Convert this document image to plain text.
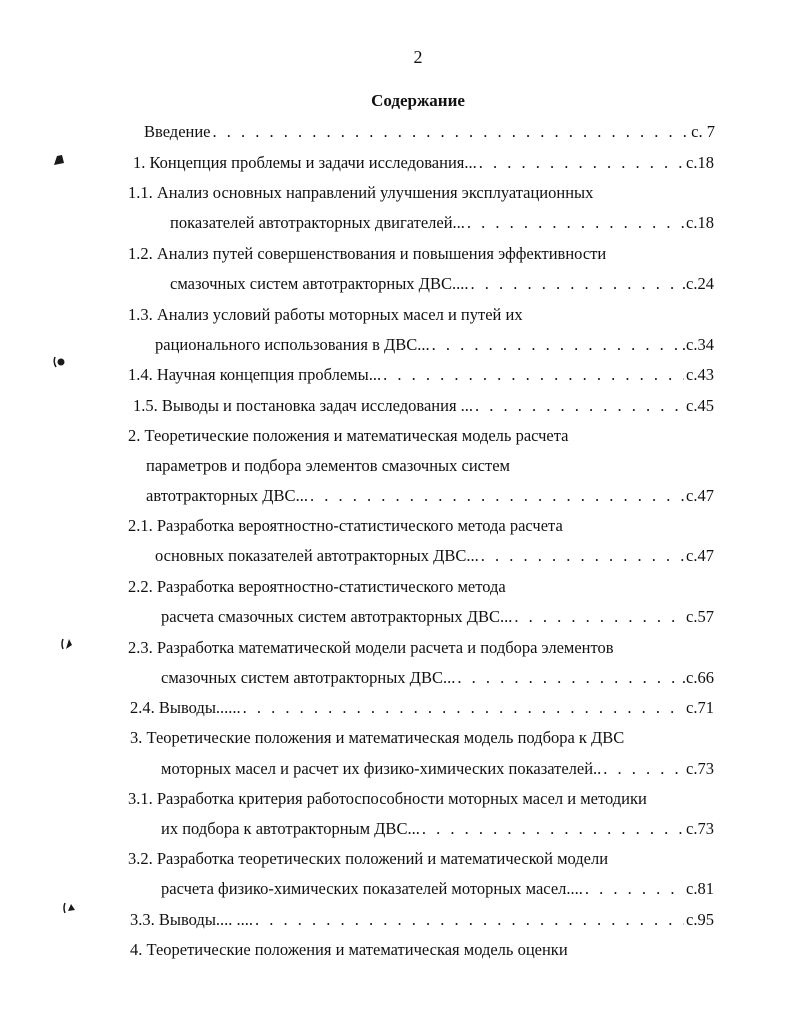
2
Содержание
Введение . . .	с. 7
1. Концепция проблемы и задачи исследования... . . .	с.18
1.1. Анализ основных направлений улучшения эксплуатационных
показателей автотракторных двигателей... . . .	с.18
1.2. Анализ путей совершенствования и повышения эффективности
смазочных систем автотракторных ДВС.... . . .	.с.24
1.3. Анализ условий работы моторных масел и путей их
рационального использования в ДВС... . . .	.с.34
1.4. Научная концепция проблемы... . . .	с.43
1.5. Выводы и постановка задач исследования ... . . .	с.45
2. Теоретические положения и математическая модель расчета
параметров и подбора элементов смазочных систем
автотракторных ДВС... . . .	с.47
2.1. Разработка вероятностно-статистического метода расчета
основных показателей автотракторных ДВС... . . .	с.47
2.2. Разработка вероятностно-статистического метода
расчета смазочных систем автотракторных ДВС... . . .	с.57
2.3. Разработка математической модели расчета и подбора элементов
смазочных систем автотракторных ДВС... . . .	.с.66
2.4. Выводы...... . . .	с.71
3. Теоретические положения и математическая модель подбора к ДВС
моторных масел и расчет их физико-химических показателей.. . . .	с.73
3.1. Разработка критерия работоспособности моторных масел и методики
их подбора к автотракторным ДВС... . . .	с.73
3.2. Разработка теоретических положений и математической модели
расчета физико-химических показателей моторных масел.... . . .	с.81
3.3. Выводы.... .... . . .	с.95
4. Теоретические положения и математическая модель оценки
